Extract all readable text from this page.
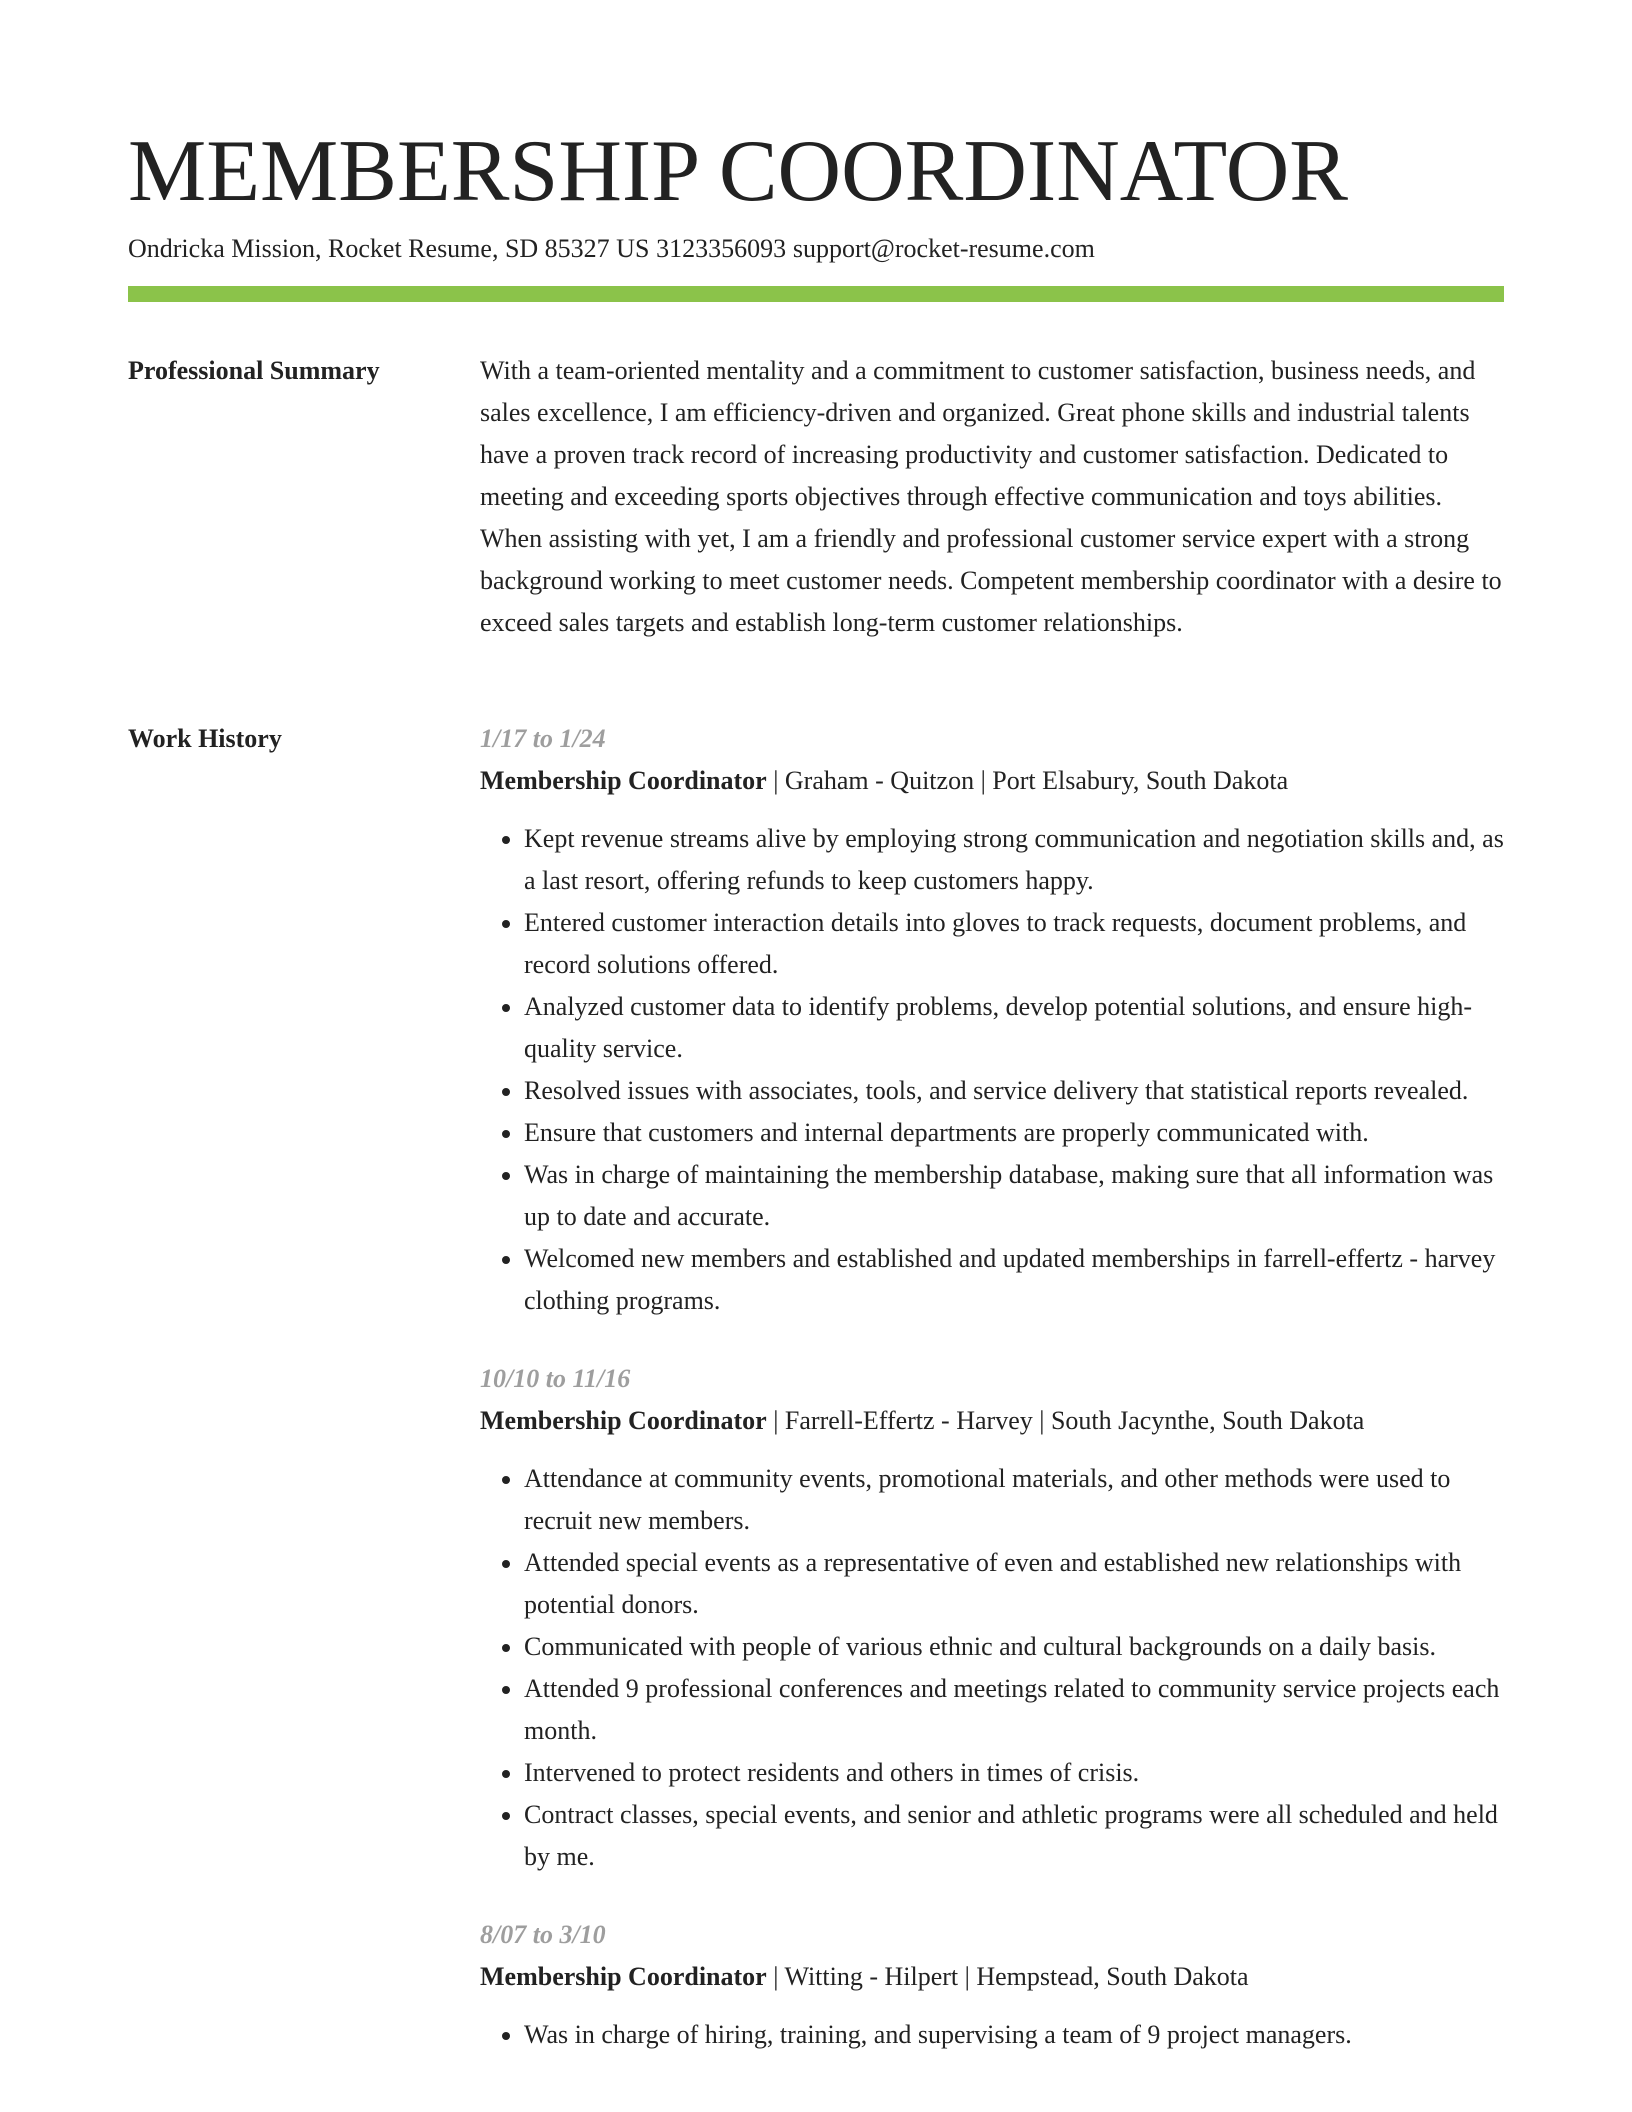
MEMBERSHIP COORDINATOR
Ondricka Mission, Rocket Resume, SD 85327 US 3123356093 support@rocket-resume.com
Professional Summary	With a team-oriented mentality and a commitment to customer satisfaction, business needs, and sales excellence, I am efficiency-driven and organized. Great phone skills and industrial talents have a proven track record of increasing productivity and customer satisfaction. Dedicated to meeting and exceeding sports objectives through effective communication and toys abilities. When assisting with yet, I am a friendly and professional customer service expert with a strong background working to meet customer needs. Competent membership coordinator with a desire to exceed sales targets and establish long-term customer relationships.

Work History	1/17 to 1/24
Membership Coordinator | Graham - Quitzon | Port Elsabury, South Dakota
• Kept revenue streams alive by employing strong communication and negotiation skills and, as a last resort, offering refunds to keep customers happy.
• Entered customer interaction details into gloves to track requests, document problems, and record solutions offered.
• Analyzed customer data to identify problems, develop potential solutions, and ensure high-quality service.
• Resolved issues with associates, tools, and service delivery that statistical reports revealed.
• Ensure that customers and internal departments are properly communicated with.
• Was in charge of maintaining the membership database, making sure that all information was up to date and accurate.
• Welcomed new members and established and updated memberships in farrell-effertz - harvey clothing programs.
10/10 to 11/16
Membership Coordinator | Farrell-Effertz - Harvey | South Jacynthe, South Dakota
• Attendance at community events, promotional materials, and other methods were used to recruit new members.
• Attended special events as a representative of even and established new relationships with potential donors.
• Communicated with people of various ethnic and cultural backgrounds on a daily basis.
• Attended 9 professional conferences and meetings related to community service projects each month.
• Intervened to protect residents and others in times of crisis.
• Contract classes, special events, and senior and athletic programs were all scheduled and held by me.
8/07 to 3/10
Membership Coordinator | Witting - Hilpert | Hempstead, South Dakota
• Was in charge of hiring, training, and supervising a team of 9 project managers.
